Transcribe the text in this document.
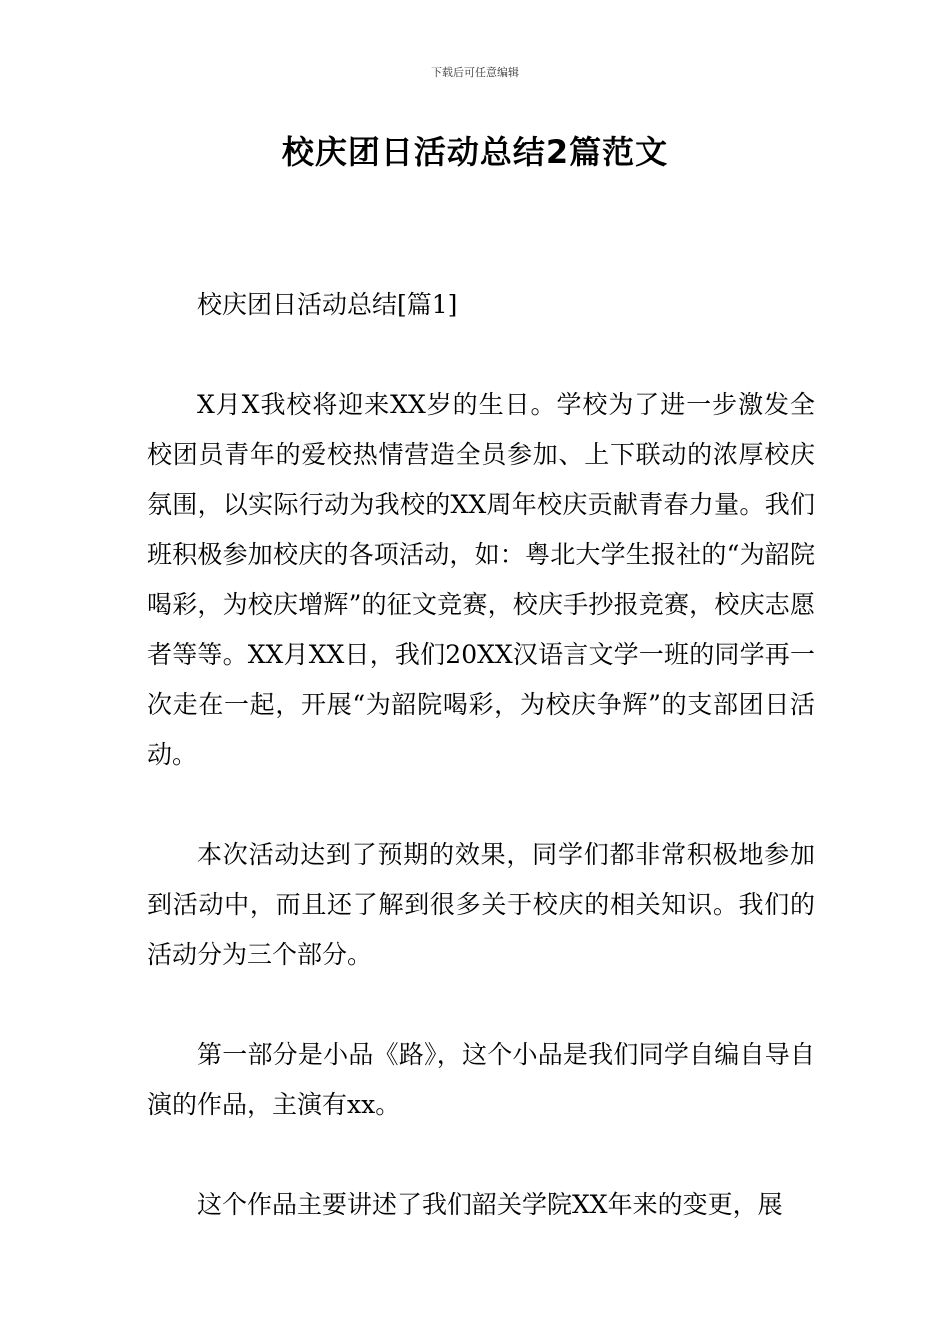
下载后可任意编辑
校庆团日活动总结2篇范文

校庆团日活动总结[篇1]

X月X我校将迎来XX岁的生日。学校为了进一步激发全校团员青年的爱校热情营造全员参加、上下联动的浓厚校庆氛围，以实际行动为我校的XX周年校庆贡献青春力量。我们班积极参加校庆的各项活动，如：粤北大学生报社的“为韶院喝彩，为校庆增辉”的征文竞赛，校庆手抄报竞赛，校庆志愿者等等。XX月XX日，我们20XX汉语言文学一班的同学再一次走在一起，开展“为韶院喝彩，为校庆争辉”的支部团日活动。

本次活动达到了预期的效果，同学们都非常积极地参加到活动中，而且还了解到很多关于校庆的相关知识。我们的活动分为三个部分。

第一部分是小品《路》，这个小品是我们同学自编自导自演的作品，主演有xx。

这个作品主要讲述了我们韶关学院XX年来的变更，展
